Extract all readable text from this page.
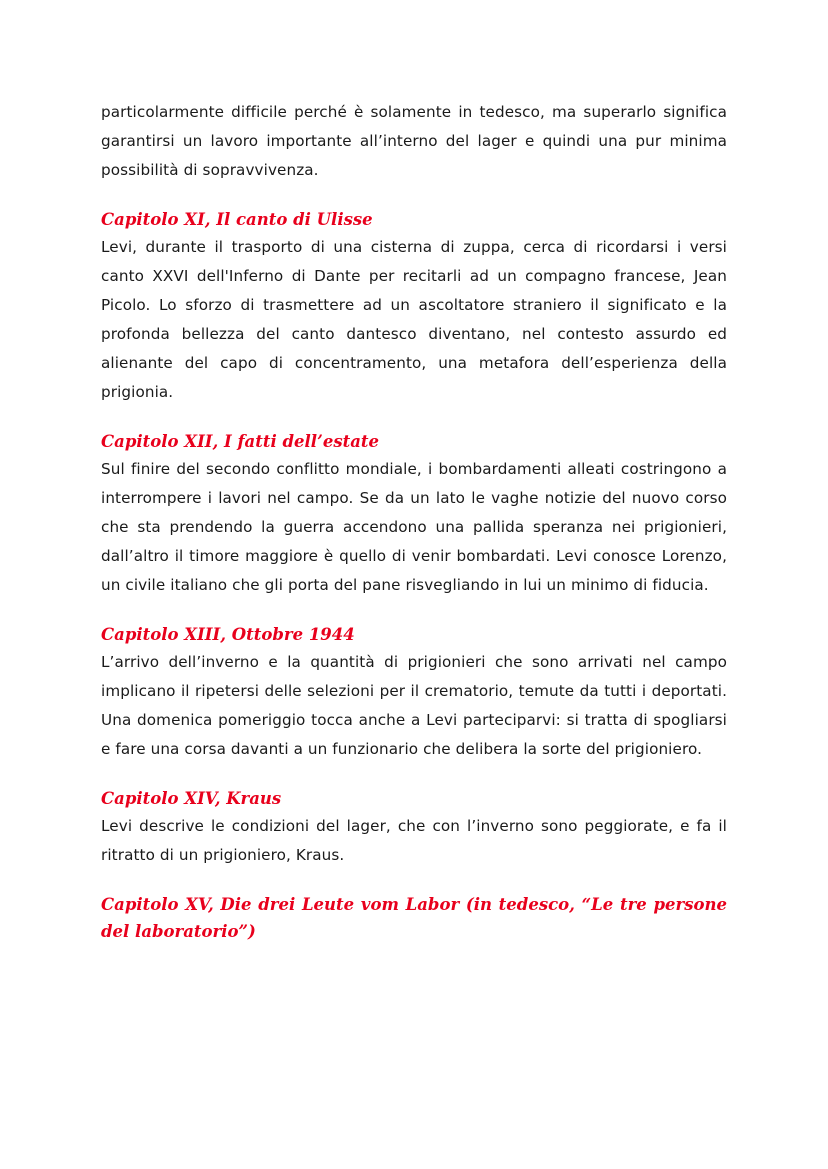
particolarmente difficile perché è solamente in tedesco, ma superarlo significa garantirsi un lavoro importante all’interno del lager e quindi una pur minima possibilità di sopravvivenza.

Capitolo XI, Il canto di Ulisse

Levi, durante il trasporto di una cisterna di zuppa, cerca di ricordarsi i versi canto XXVI dell'Inferno di Dante per recitarli ad un compagno francese, Jean Picolo. Lo sforzo di trasmettere ad un ascoltatore straniero il significato e la profonda bellezza del canto dantesco diventano, nel contesto assurdo ed alienante del capo di concentramento, una metafora dell’esperienza della prigionia.

Capitolo XII, I fatti dell’estate

Sul finire del secondo conflitto mondiale, i bombardamenti alleati costringono a interrompere i lavori nel campo. Se da un lato le vaghe notizie del nuovo corso che sta prendendo la guerra accendono una pallida speranza nei prigionieri, dall’altro il timore maggiore è quello di venir bombardati. Levi conosce Lorenzo, un civile italiano che gli porta del pane risvegliando in lui un minimo di fiducia.

Capitolo XIII, Ottobre 1944

L’arrivo dell’inverno e la quantità di prigionieri che sono arrivati nel campo implicano il ripetersi delle selezioni per il crematorio, temute da tutti i deportati. Una domenica pomeriggio tocca anche a Levi parteciparvi: si tratta di spogliarsi e fare una corsa davanti a un funzionario che delibera la sorte del prigioniero.

Capitolo XIV, Kraus

Levi descrive le condizioni del lager, che con l’inverno sono peggiorate, e fa il ritratto di un prigioniero, Kraus.

Capitolo XV, Die drei Leute vom Labor (in tedesco, “Le tre persone del laboratorio”)
